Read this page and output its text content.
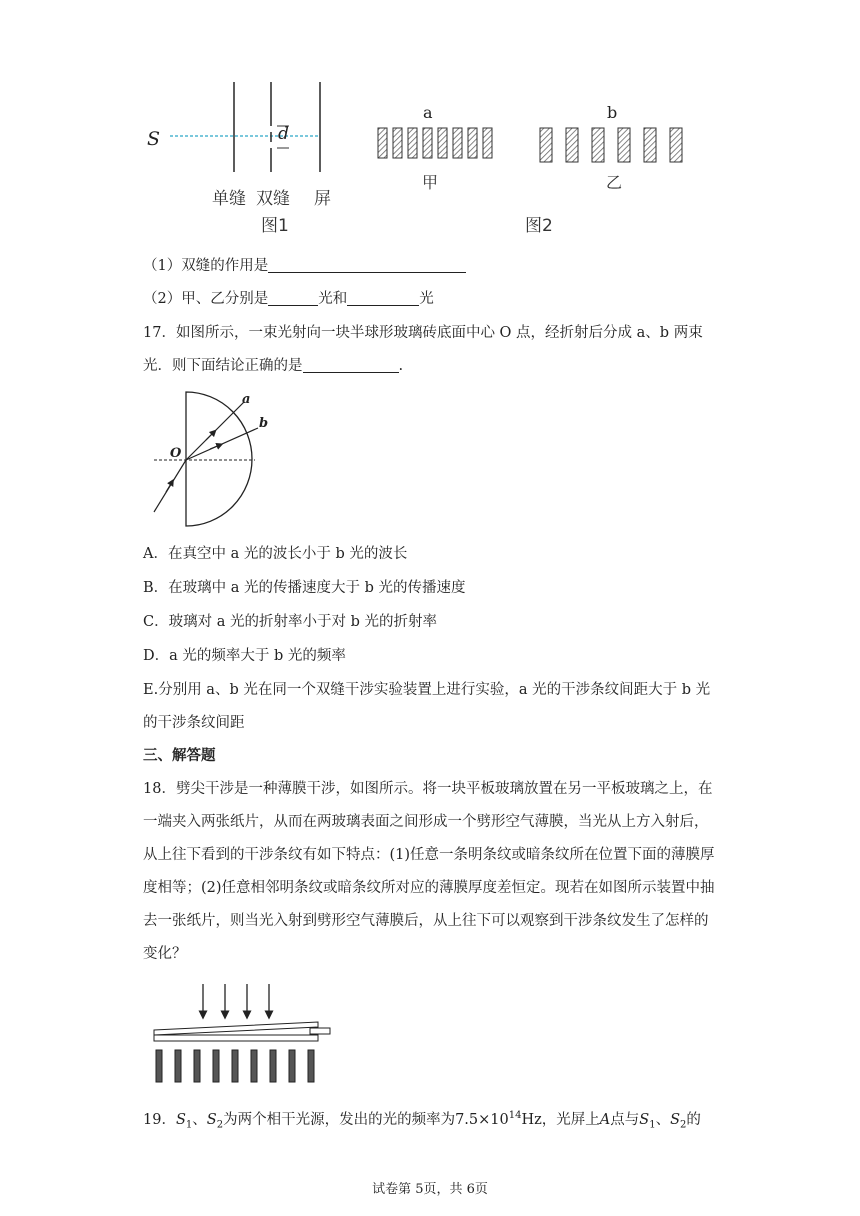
S	d
单缝 双缝 屏
图1
a	b
甲	乙
图2
（1）双缝的作用是
（2）甲、乙分别是	光和	光
17．如图所示，一束光射向一块半球形玻璃砖底面中心 O 点，经折射后分成 a、b 两束
光．则下面结论正确的是	.
O
a
b
A．在真空中 a 光的波长小于 b 光的波长
B．在玻璃中 a 光的传播速度大于 b 光的传播速度
C．玻璃对 a 光的折射率小于对 b 光的折射率
D．a 光的频率大于 b 光的频率
E.分别用 a、b 光在同一个双缝干涉实验装置上进行实验，a 光的干涉条纹间距大于 b 光
的干涉条纹间距
三、解答题
18．劈尖干涉是一种薄膜干涉，如图所示。将一块平板玻璃放置在另一平板玻璃之上，在一端夹入两张纸片，从而在两玻璃表面之间形成一个劈形空气薄膜，当光从上方入射后，从上往下看到的干涉条纹有如下特点：(1)任意一条明条纹或暗条纹所在位置下面的薄膜厚度相等；(2)任意相邻明条纹或暗条纹所对应的薄膜厚度差恒定。现若在如图所示装置中抽去一张纸片，则当光入射到劈形空气薄膜后，从上往下可以观察到干涉条纹发生了怎样的变化？
19．$S_1$、$S_2$为两个相干光源，发出的光的频率为$7.5\times 10^{14}Hz$，光屏上A点与$S_1$、$S_2$的
试卷第 5页，共 6页
